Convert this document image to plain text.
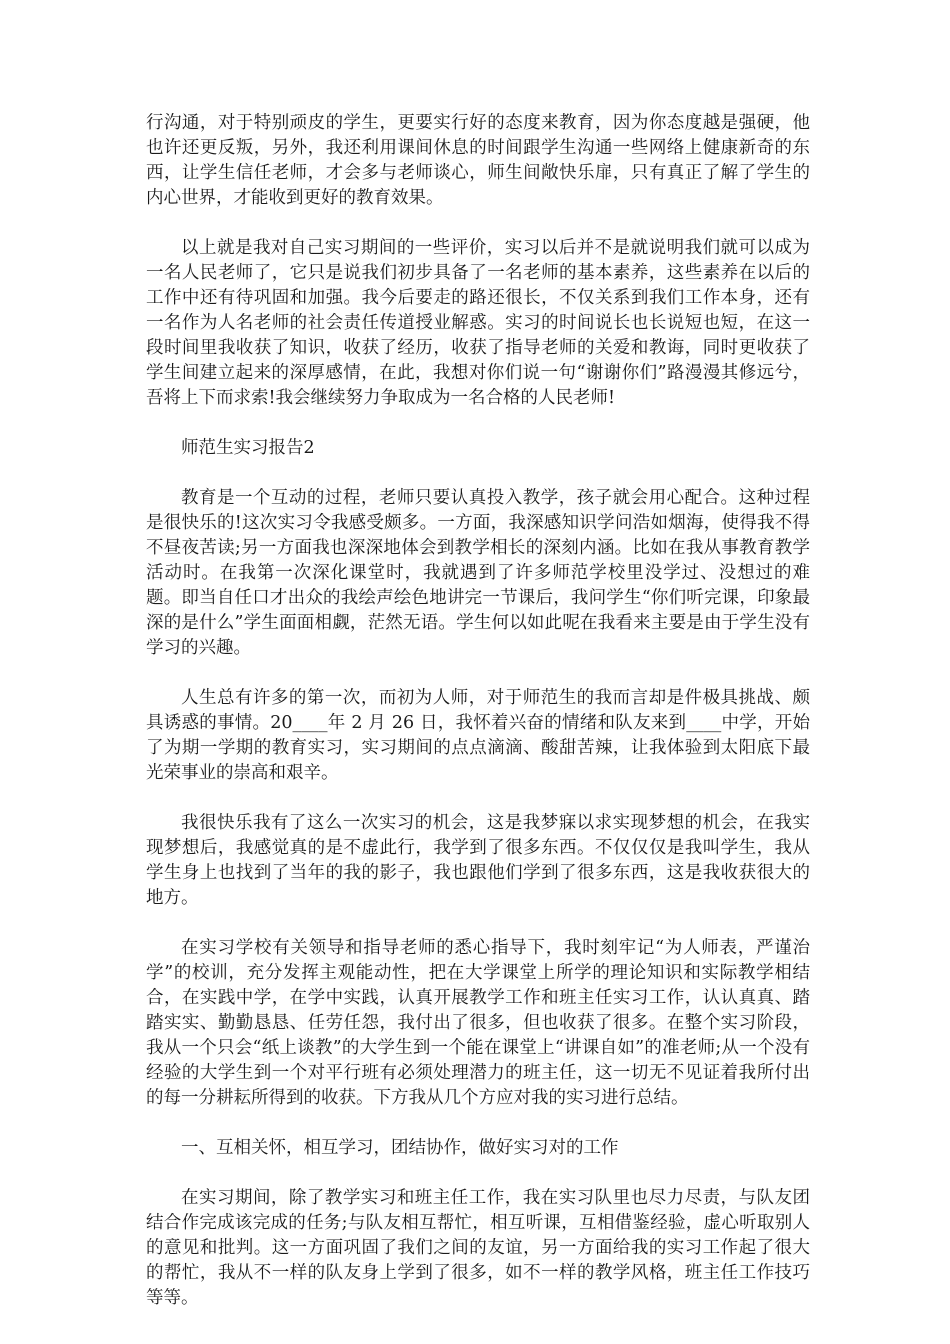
行沟通，对于特别顽皮的学生，更要实行好的态度来教育，因为你态度越是强硬，他也许还更反叛，另外，我还利用课间休息的时间跟学生沟通一些网络上健康新奇的东西，让学生信任老师，才会多与老师谈心，师生间敞快乐扉，只有真正了解了学生的内心世界，才能收到更好的教育效果。

以上就是我对自己实习期间的一些评价，实习以后并不是就说明我们就可以成为一名人民老师了，它只是说我们初步具备了一名老师的基本素养，这些素养在以后的工作中还有待巩固和加强。我今后要走的路还很长，不仅关系到我们工作本身，还有一名作为人名老师的社会责任传道授业解惑。实习的时间说长也长说短也短，在这一段时间里我收获了知识，收获了经历，收获了指导老师的关爱和教诲，同时更收获了学生间建立起来的深厚感情，在此，我想对你们说一句“谢谢你们”路漫漫其修远兮，吾将上下而求索!我会继续努力争取成为一名合格的人民老师!

师范生实习报告2

教育是一个互动的过程，老师只要认真投入教学，孩子就会用心配合。这种过程是很快乐的!这次实习令我感受颇多。一方面，我深感知识学问浩如烟海，使得我不得不昼夜苦读;另一方面我也深深地体会到教学相长的深刻内涵。比如在我从事教育教学活动时。在我第一次深化课堂时，我就遇到了许多师范学校里没学过、没想过的难题。即当自任口才出众的我绘声绘色地讲完一节课后，我问学生“你们听完课，印象最深的是什么”学生面面相觑，茫然无语。学生何以如此呢在我看来主要是由于学生没有学习的兴趣。

人生总有许多的第一次，而初为人师，对于师范生的我而言却是件极具挑战、颇具诱惑的事情。20____年 2 月 26 日，我怀着兴奋的情绪和队友来到____中学，开始了为期一学期的教育实习，实习期间的点点滴滴、酸甜苦辣，让我体验到太阳底下最光荣事业的崇高和艰辛。

我很快乐我有了这么一次实习的机会，这是我梦寐以求实现梦想的机会，在我实现梦想后，我感觉真的是不虚此行，我学到了很多东西。不仅仅仅是我叫学生，我从学生身上也找到了当年的我的影子，我也跟他们学到了很多东西，这是我收获很大的地方。

在实习学校有关领导和指导老师的悉心指导下，我时刻牢记“为人师表，严谨治学”的校训，充分发挥主观能动性，把在大学课堂上所学的理论知识和实际教学相结合，在实践中学，在学中实践，认真开展教学工作和班主任实习工作，认认真真、踏踏实实、勤勤恳恳、任劳任怨，我付出了很多，但也收获了很多。在整个实习阶段，我从一个只会“纸上谈教”的大学生到一个能在课堂上“讲课自如”的准老师;从一个没有经验的大学生到一个对平行班有必须处理潜力的班主任，这一切无不见证着我所付出的每一分耕耘所得到的收获。下方我从几个方应对我的实习进行总结。

一、互相关怀，相互学习，团结协作，做好实习对的工作

在实习期间，除了教学实习和班主任工作，我在实习队里也尽力尽责，与队友团结合作完成该完成的任务;与队友相互帮忙，相互听课，互相借鉴经验，虚心听取别人的意见和批判。这一方面巩固了我们之间的友谊，另一方面给我的实习工作起了很大的帮忙，我从不一样的队友身上学到了很多，如不一样的教学风格，班主任工作技巧等等。
